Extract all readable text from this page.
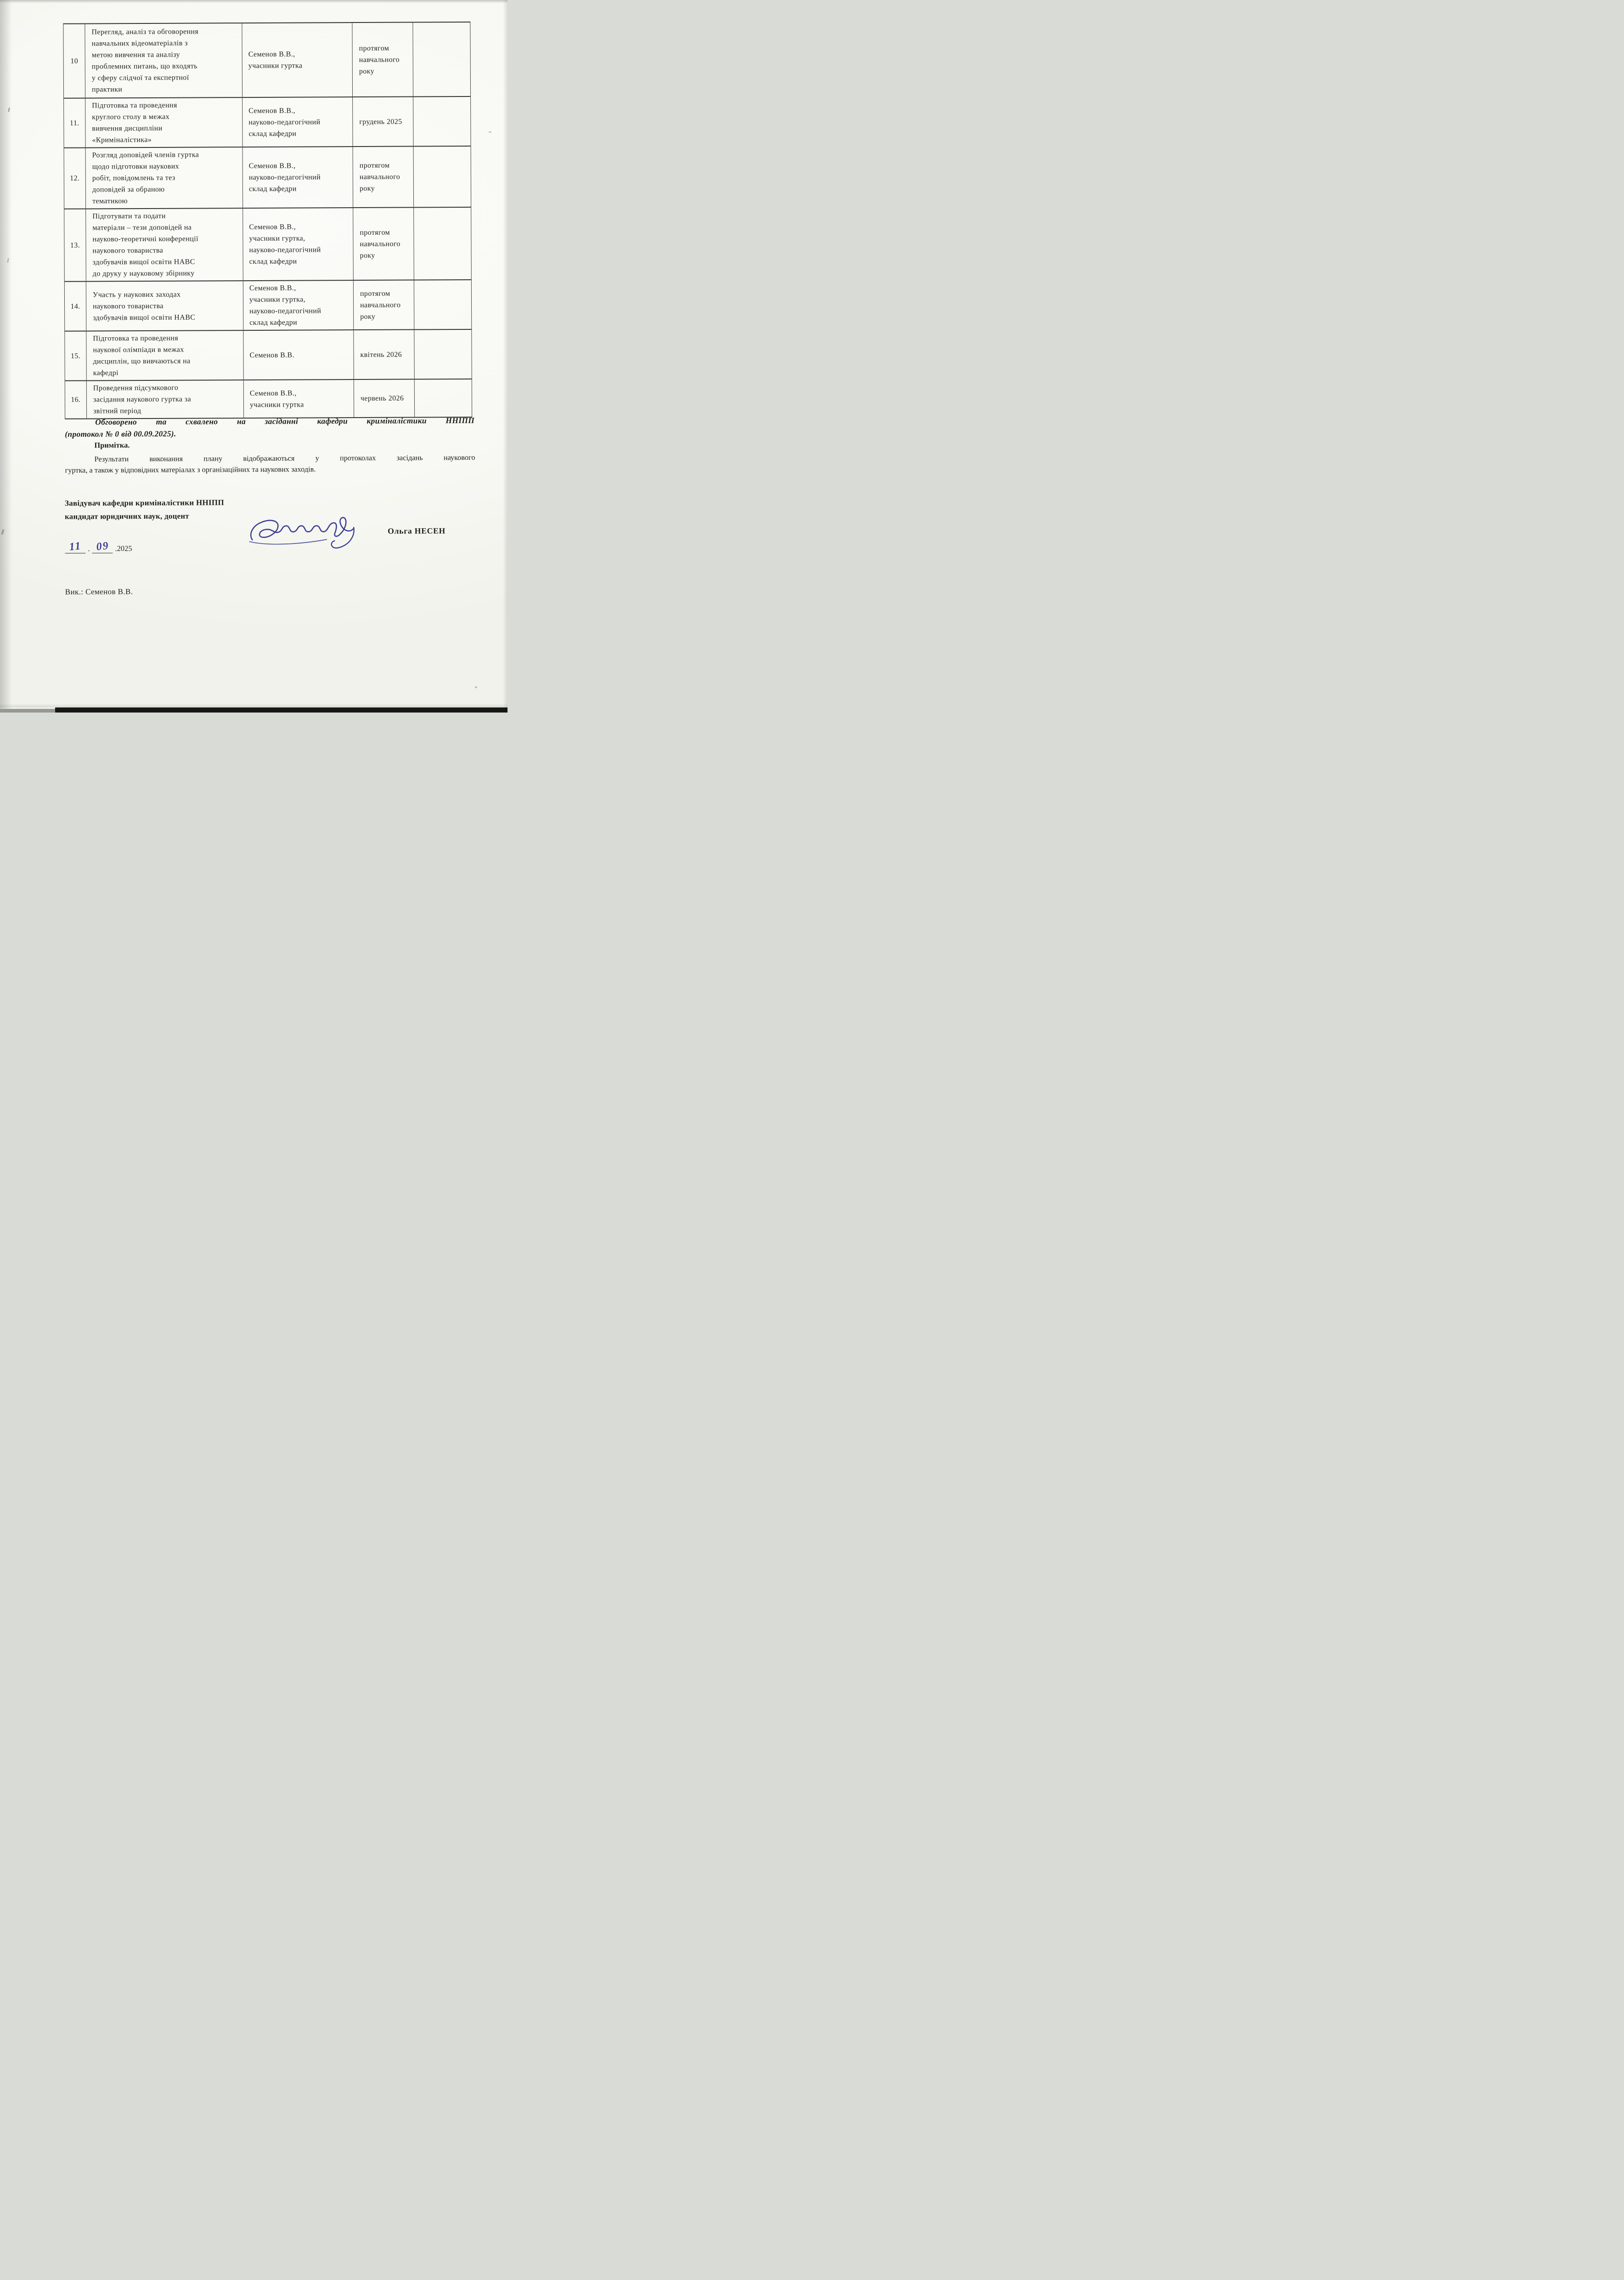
10	Перегляд, аналіз та обговорення
навчальних відеоматеріалів з
метою вивчення та аналізу
проблемних питань, що входять
у сферу слідчої та експертної
практики	Семенов В.В.,
учасники гуртка	протягом
навчального
року	
11.	Підготовка та проведення
круглого столу в межах
вивчення дисципліни
«Криміналістика»	Семенов В.В.,
науково-педагогічний
склад кафедри	грудень 2025	
12.	Розгляд доповідей членів гуртка
щодо підготовки наукових
робіт, повідомлень та тез
доповідей за обраною
тематикою	Семенов В.В.,
науково-педагогічний
склад кафедри	протягом
навчального
року	
13.	Підготувати та подати
матеріали – тези доповідей на
науково-теоретичні конференції
наукового товариства
здобувачів вищої освіти НАВС
до друку у науковому збірнику	Семенов В.В.,
учасники гуртка,
науково-педагогічний
склад кафедри	протягом
навчального
року	
14.	Участь у наукових заходах
наукового товариства
здобувачів вищої освіти НАВС	Семенов В.В.,
учасники гуртка,
науково-педагогічний
склад кафедри	протягом
навчального
року	
15.	Підготовка та проведення
наукової олімпіади в межах
дисциплін, що вивчаються на
кафедрі	Семенов В.В.	квітень 2026	
16.	Проведення підсумкового
засідання наукового гуртка за
звітний період	Семенов В.В.,
учасники гуртка	червень 2026	
Обговорено та схвалено на засіданні кафедри криміналістики ННІПП
(протокол № 0 від 00.09.2025).
Примітка.
Результати виконання плану відображаються у протоколах засідань наукового
гуртка, а також у відповідних матеріалах з організаційних та наукових заходів.
Завідувач кафедри криміналістики ННІПП
кандидат юридичних наук, доцент
Ольга НЕСЕН
11 . 09 .2025
Вик.: Семенов В.В.
